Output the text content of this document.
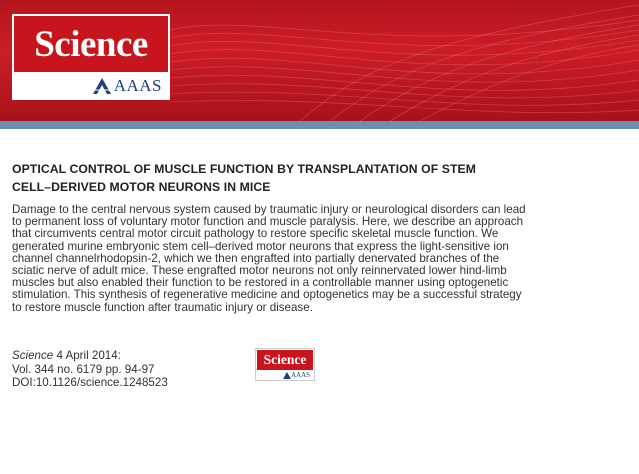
Science
AAAS
OPTICAL CONTROL OF MUSCLE FUNCTION BY TRANSPLANTATION OF STEM
CELL–DERIVED MOTOR NEURONS IN MICE
Damage to the central nervous system caused by traumatic injury or neurological disorders can lead
to permanent loss of voluntary motor function and muscle paralysis. Here, we describe an approach
that circumvents central motor circuit pathology to restore specific skeletal muscle function. We
generated murine embryonic stem cell–derived motor neurons that express the light-sensitive ion
channel channelrhodopsin-2, which we then engrafted into partially denervated branches of the
sciatic nerve of adult mice. These engrafted motor neurons not only reinnervated lower hind-limb
muscles but also enabled their function to be restored in a controllable manner using optogenetic
stimulation. This synthesis of regenerative medicine and optogenetics may be a successful strategy
to restore muscle function after traumatic injury or disease.
Science 4 April 2014:
Vol. 344 no. 6179 pp. 94-97
DOI:10.1126/science.1248523
Science
AAAS
